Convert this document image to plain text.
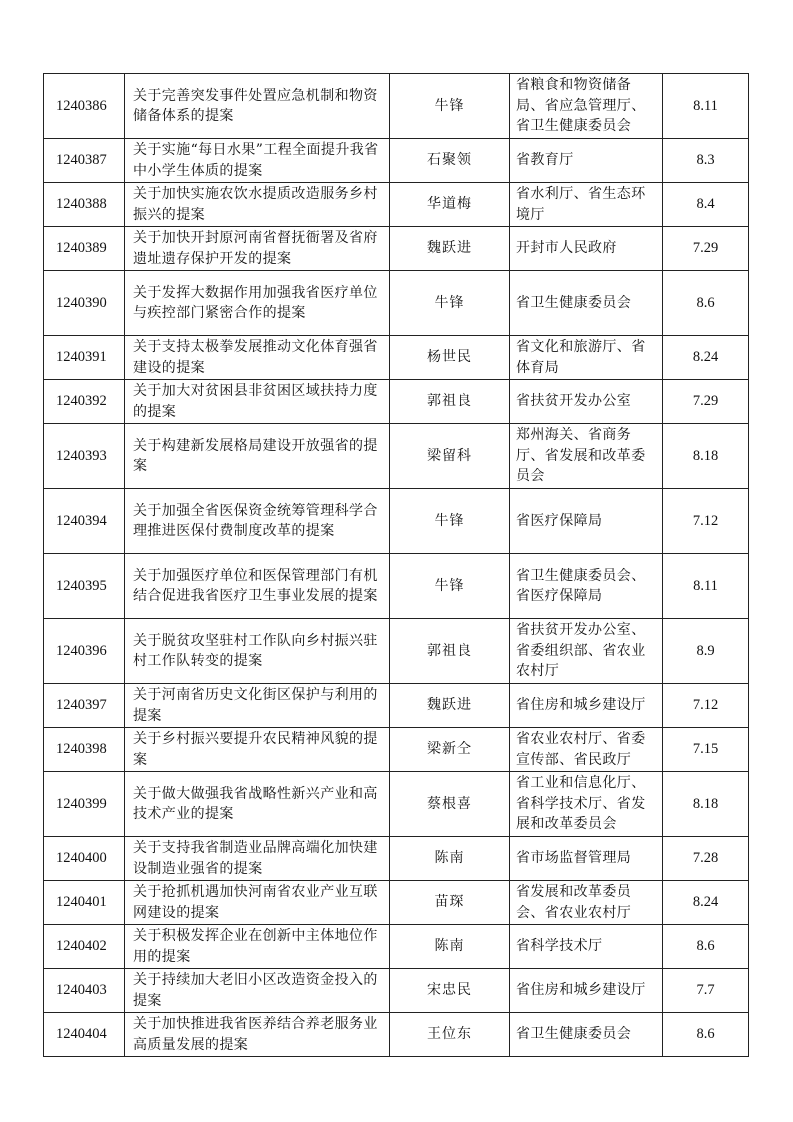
1240386	关于完善突发事件处置应急机制和物资储备体系的提案	牛锋	省粮食和物资储备局、省应急管理厅、省卫生健康委员会	8.11
1240387	关于实施“每日水果”工程全面提升我省中小学生体质的提案	石聚领	省教育厅	8.3
1240388	关于加快实施农饮水提质改造服务乡村振兴的提案	华道梅	省水利厅、省生态环境厅	8.4
1240389	关于加快开封原河南省督抚衙署及省府遗址遗存保护开发的提案	魏跃进	开封市人民政府	7.29
1240390	关于发挥大数据作用加强我省医疗单位与疾控部门紧密合作的提案	牛锋	省卫生健康委员会	8.6
1240391	关于支持太极拳发展推动文化体育强省建设的提案	杨世民	省文化和旅游厅、省体育局	8.24
1240392	关于加大对贫困县非贫困区域扶持力度的提案	郭祖良	省扶贫开发办公室	7.29
1240393	关于构建新发展格局建设开放强省的提案	梁留科	郑州海关、省商务厅、省发展和改革委员会	8.18
1240394	关于加强全省医保资金统筹管理科学合理推进医保付费制度改革的提案	牛锋	省医疗保障局	7.12
1240395	关于加强医疗单位和医保管理部门有机结合促进我省医疗卫生事业发展的提案	牛锋	省卫生健康委员会、省医疗保障局	8.11
1240396	关于脱贫攻坚驻村工作队向乡村振兴驻村工作队转变的提案	郭祖良	省扶贫开发办公室、省委组织部、省农业农村厅	8.9
1240397	关于河南省历史文化街区保护与利用的提案	魏跃进	省住房和城乡建设厅	7.12
1240398	关于乡村振兴要提升农民精神风貌的提案	梁新仝	省农业农村厅、省委宣传部、省民政厅	7.15
1240399	关于做大做强我省战略性新兴产业和高技术产业的提案	蔡根喜	省工业和信息化厅、省科学技术厅、省发展和改革委员会	8.18
1240400	关于支持我省制造业品牌高端化加快建设制造业强省的提案	陈南	省市场监督管理局	7.28
1240401	关于抢抓机遇加快河南省农业产业互联网建设的提案	苗琛	省发展和改革委员会、省农业农村厅	8.24
1240402	关于积极发挥企业在创新中主体地位作用的提案	陈南	省科学技术厅	8.6
1240403	关于持续加大老旧小区改造资金投入的提案	宋忠民	省住房和城乡建设厅	7.7
1240404	关于加快推进我省医养结合养老服务业高质量发展的提案	王位东	省卫生健康委员会	8.6
